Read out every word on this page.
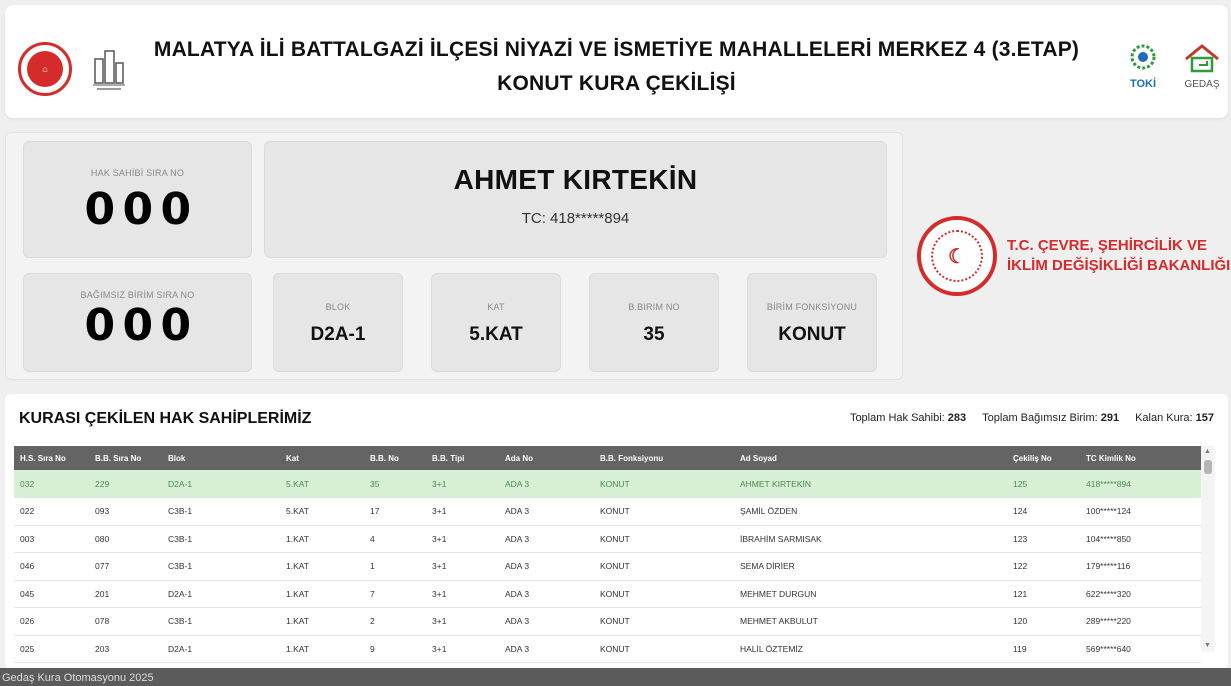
⌂
MALATYA İLİ BATTALGAZİ İLÇESİ NİYAZİ VE İSMETİYE MAHALLELERİ MERKEZ 4 (3.ETAP)
KONUT KURA ÇEKİLİŞİ	TOKİ	GEDAŞ
HAK SAHİBİ SIRA NO
0 0 0
AHMET KIRTEKİN
TC: 418*****894
BAĞIMSIZ BİRİM SIRA NO
0 0 0	BLOK
D2A-1
KAT
5.KAT
B.BIRIM NO
35
BİRİM FONKSİYONU
KONUT
☾	T.C. ÇEVRE, ŞEHİRCİLİK VE
İKLİM DEĞİŞİKLİĞİ BAKANLIĞI
KURASI ÇEKİLEN HAK SAHİPLERİMİZ	Toplam Hak Sahibi: 283 Toplam Bağımsız Birim: 291 Kalan Kura: 157
H.S. Sıra No	B.B. Sıra No	Blok	Kat	B.B. No	B.B. Tipi	Ada No	B.B. Fonksiyonu	Ad Soyad	Çekiliş No	TC Kimlik No
032	229	D2A-1	5.KAT	35	3+1	ADA 3	KONUT	AHMET KIRTEKİN	125	418*****894
022	093	C3B-1	5.KAT	17	3+1	ADA 3	KONUT	ŞAMİL ÖZDEN	124	100*****124
003	080	C3B-1	1.KAT	4	3+1	ADA 3	KONUT	İBRAHİM SARMISAK	123	104*****850
046	077	C3B-1	1.KAT	1	3+1	ADA 3	KONUT	SEMA DİRİER	122	179*****116
045	201	D2A-1	1.KAT	7	3+1	ADA 3	KONUT	MEHMET DURGUN	121	622*****320
026	078	C3B-1	1.KAT	2	3+1	ADA 3	KONUT	MEHMET AKBULUT	120	289*****220
025	203	D2A-1	1.KAT	9	3+1	ADA 3	KONUT	HALİL ÖZTEMİZ	119	569*****640
▲
▼
Gedaş Kura Otomasyonu 2025
